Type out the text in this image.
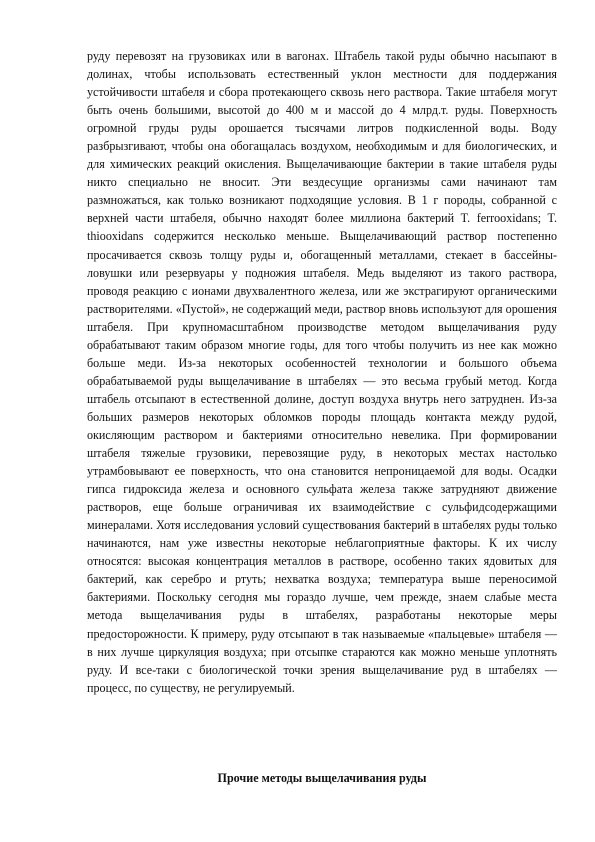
руду перевозят на грузовиках или в вагонах. Штабель такой руды обычно насыпают в долинах, чтобы использовать естественный уклон местности для поддержания устойчивости штабеля и сбора протекающего сквозь него раствора. Такие штабеля могут быть очень большими, высотой до 400 м и массой до 4 млрд.т. руды. Поверхность огромной груды руды орошается тысячами литров подкисленной воды. Воду разбрызгивают, чтобы она обогащалась воздухом, необходимым и для биологических, и для химических реакций окисления. Выщелачивающие бактерии в такие штабеля руды никто специально не вносит. Эти вездесущие организмы сами начинают там размножаться, как только возникают подходящие условия. В 1 г породы, собранной с верхней части штабеля, обычно находят более миллиона бактерий T. ferrooxidans; T. thiooxidans содержится несколько меньше. Выщелачивающий раствор постепенно просачивается сквозь толщу руды и, обогащенный металлами, стекает в бассейны-ловушки или резервуары у подножия штабеля. Медь выделяют из такого раствора, проводя реакцию с ионами двухвалентного железа, или же экстрагируют органическими растворителями. «Пустой», не содержащий меди, раствор вновь используют для орошения штабеля. При крупномасштабном производстве методом выщелачивания руду обрабатывают таким образом многие годы, для того чтобы получить из нее как можно больше меди. Из-за некоторых особенностей технологии и большого объема обрабатываемой руды выщелачивание в штабелях — это весьма грубый метод. Когда штабель отсыпают в естественной долине, доступ воздуха внутрь него затруднен. Из-за больших размеров некоторых обломков породы площадь контакта между рудой, окисляющим раствором и бактериями относительно невелика. При формировании штабеля тяжелые грузовики, перевозящие руду, в некоторых местах настолько утрамбовывают ее поверхность, что она становится непроницаемой для воды. Осадки гипса гидроксида железа и основного сульфата железа также затрудняют движение растворов, еще больше ограничивая их взаимодействие с сульфидсодержащими минералами. Хотя исследования условий существования бактерий в штабелях руды только начинаются, нам уже известны некоторые неблагоприятные факторы. К их числу относятся: высокая концентрация металлов в растворе, особенно таких ядовитых для бактерий, как серебро и ртуть; нехватка воздуха; температура выше переносимой бактериями. Поскольку сегодня мы гораздо лучше, чем прежде, знаем слабые места метода выщелачивания руды в штабелях, разработаны некоторые меры предосторожности. К примеру, руду отсыпают в так называемые «пальцевые» штабеля — в них лучше циркуляция воздуха; при отсыпке стараются как можно меньше уплотнять руду. И все-таки с биологической точки зрения выщелачивание руд в штабелях — процесс, по существу, не регулируемый.

Прочие методы выщелачивания руды
